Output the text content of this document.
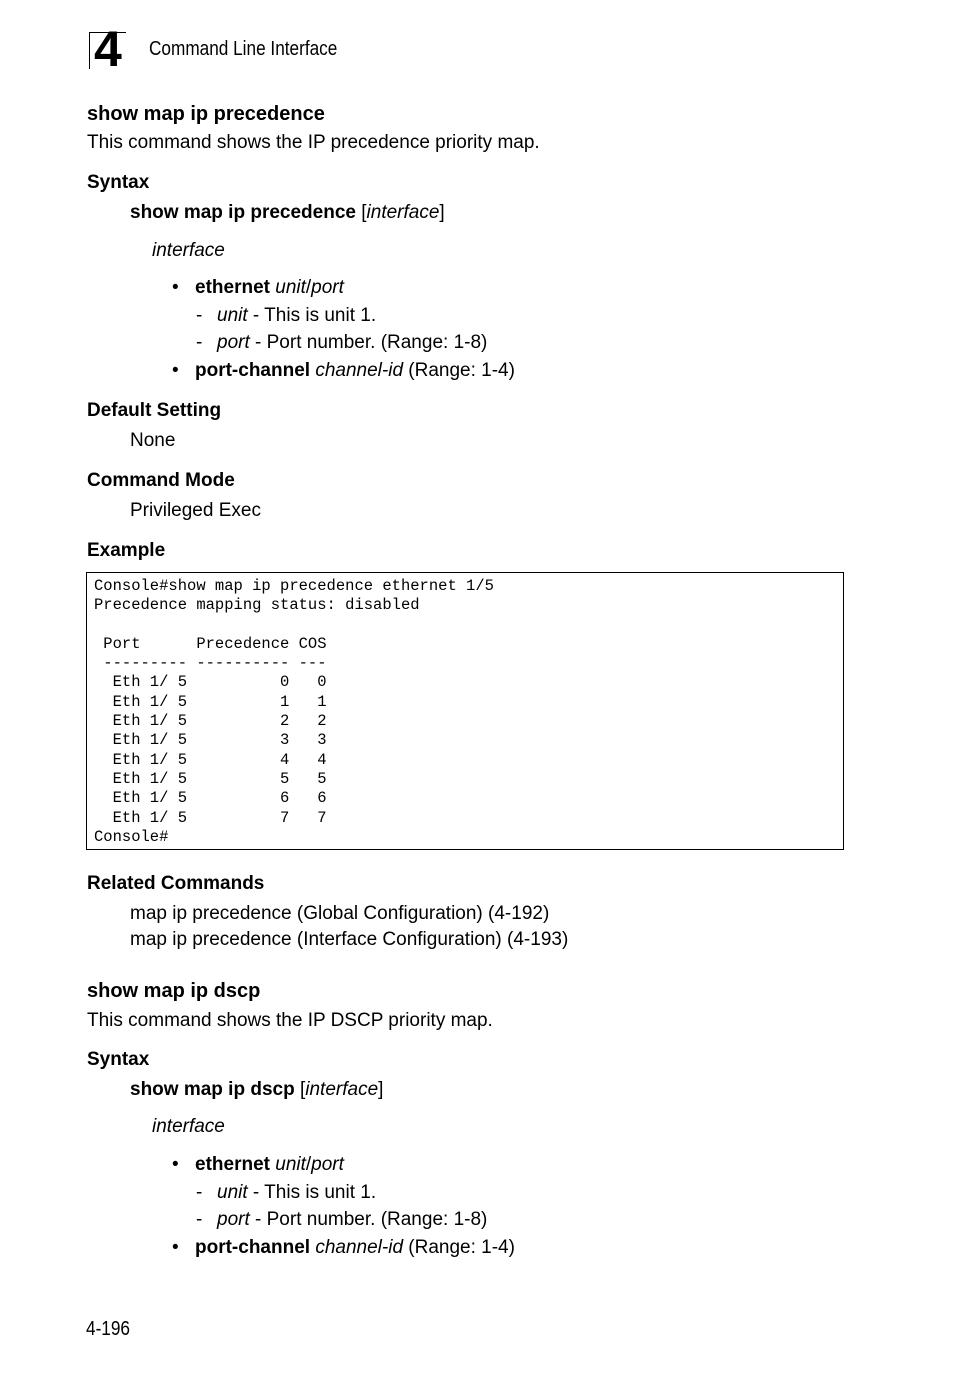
4 Command Line Interface
show map ip precedence
This command shows the IP precedence priority map.
Syntax
show map ip precedence [interface]
interface
• ethernet unit/port
- unit - This is unit 1.
- port - Port number. (Range: 1-8)
• port-channel channel-id (Range: 1-4)
Default Setting
None
Command Mode
Privileged Exec
Example
Console#show map ip precedence ethernet 1/5
Precedence mapping status: disabled

Port      Precedence COS
--------- ---------- ---
Eth 1/ 5          0   0
Eth 1/ 5          1   1
Eth 1/ 5          2   2
Eth 1/ 5          3   3
Eth 1/ 5          4   4
Eth 1/ 5          5   5
Eth 1/ 5          6   6
Eth 1/ 5          7   7
Console#
Related Commands
map ip precedence (Global Configuration) (4-192)
map ip precedence (Interface Configuration) (4-193)
show map ip dscp
This command shows the IP DSCP priority map.
Syntax
show map ip dscp [interface]
interface
• ethernet unit/port
- unit - This is unit 1.
- port - Port number. (Range: 1-8)
• port-channel channel-id (Range: 1-4)
4-196
